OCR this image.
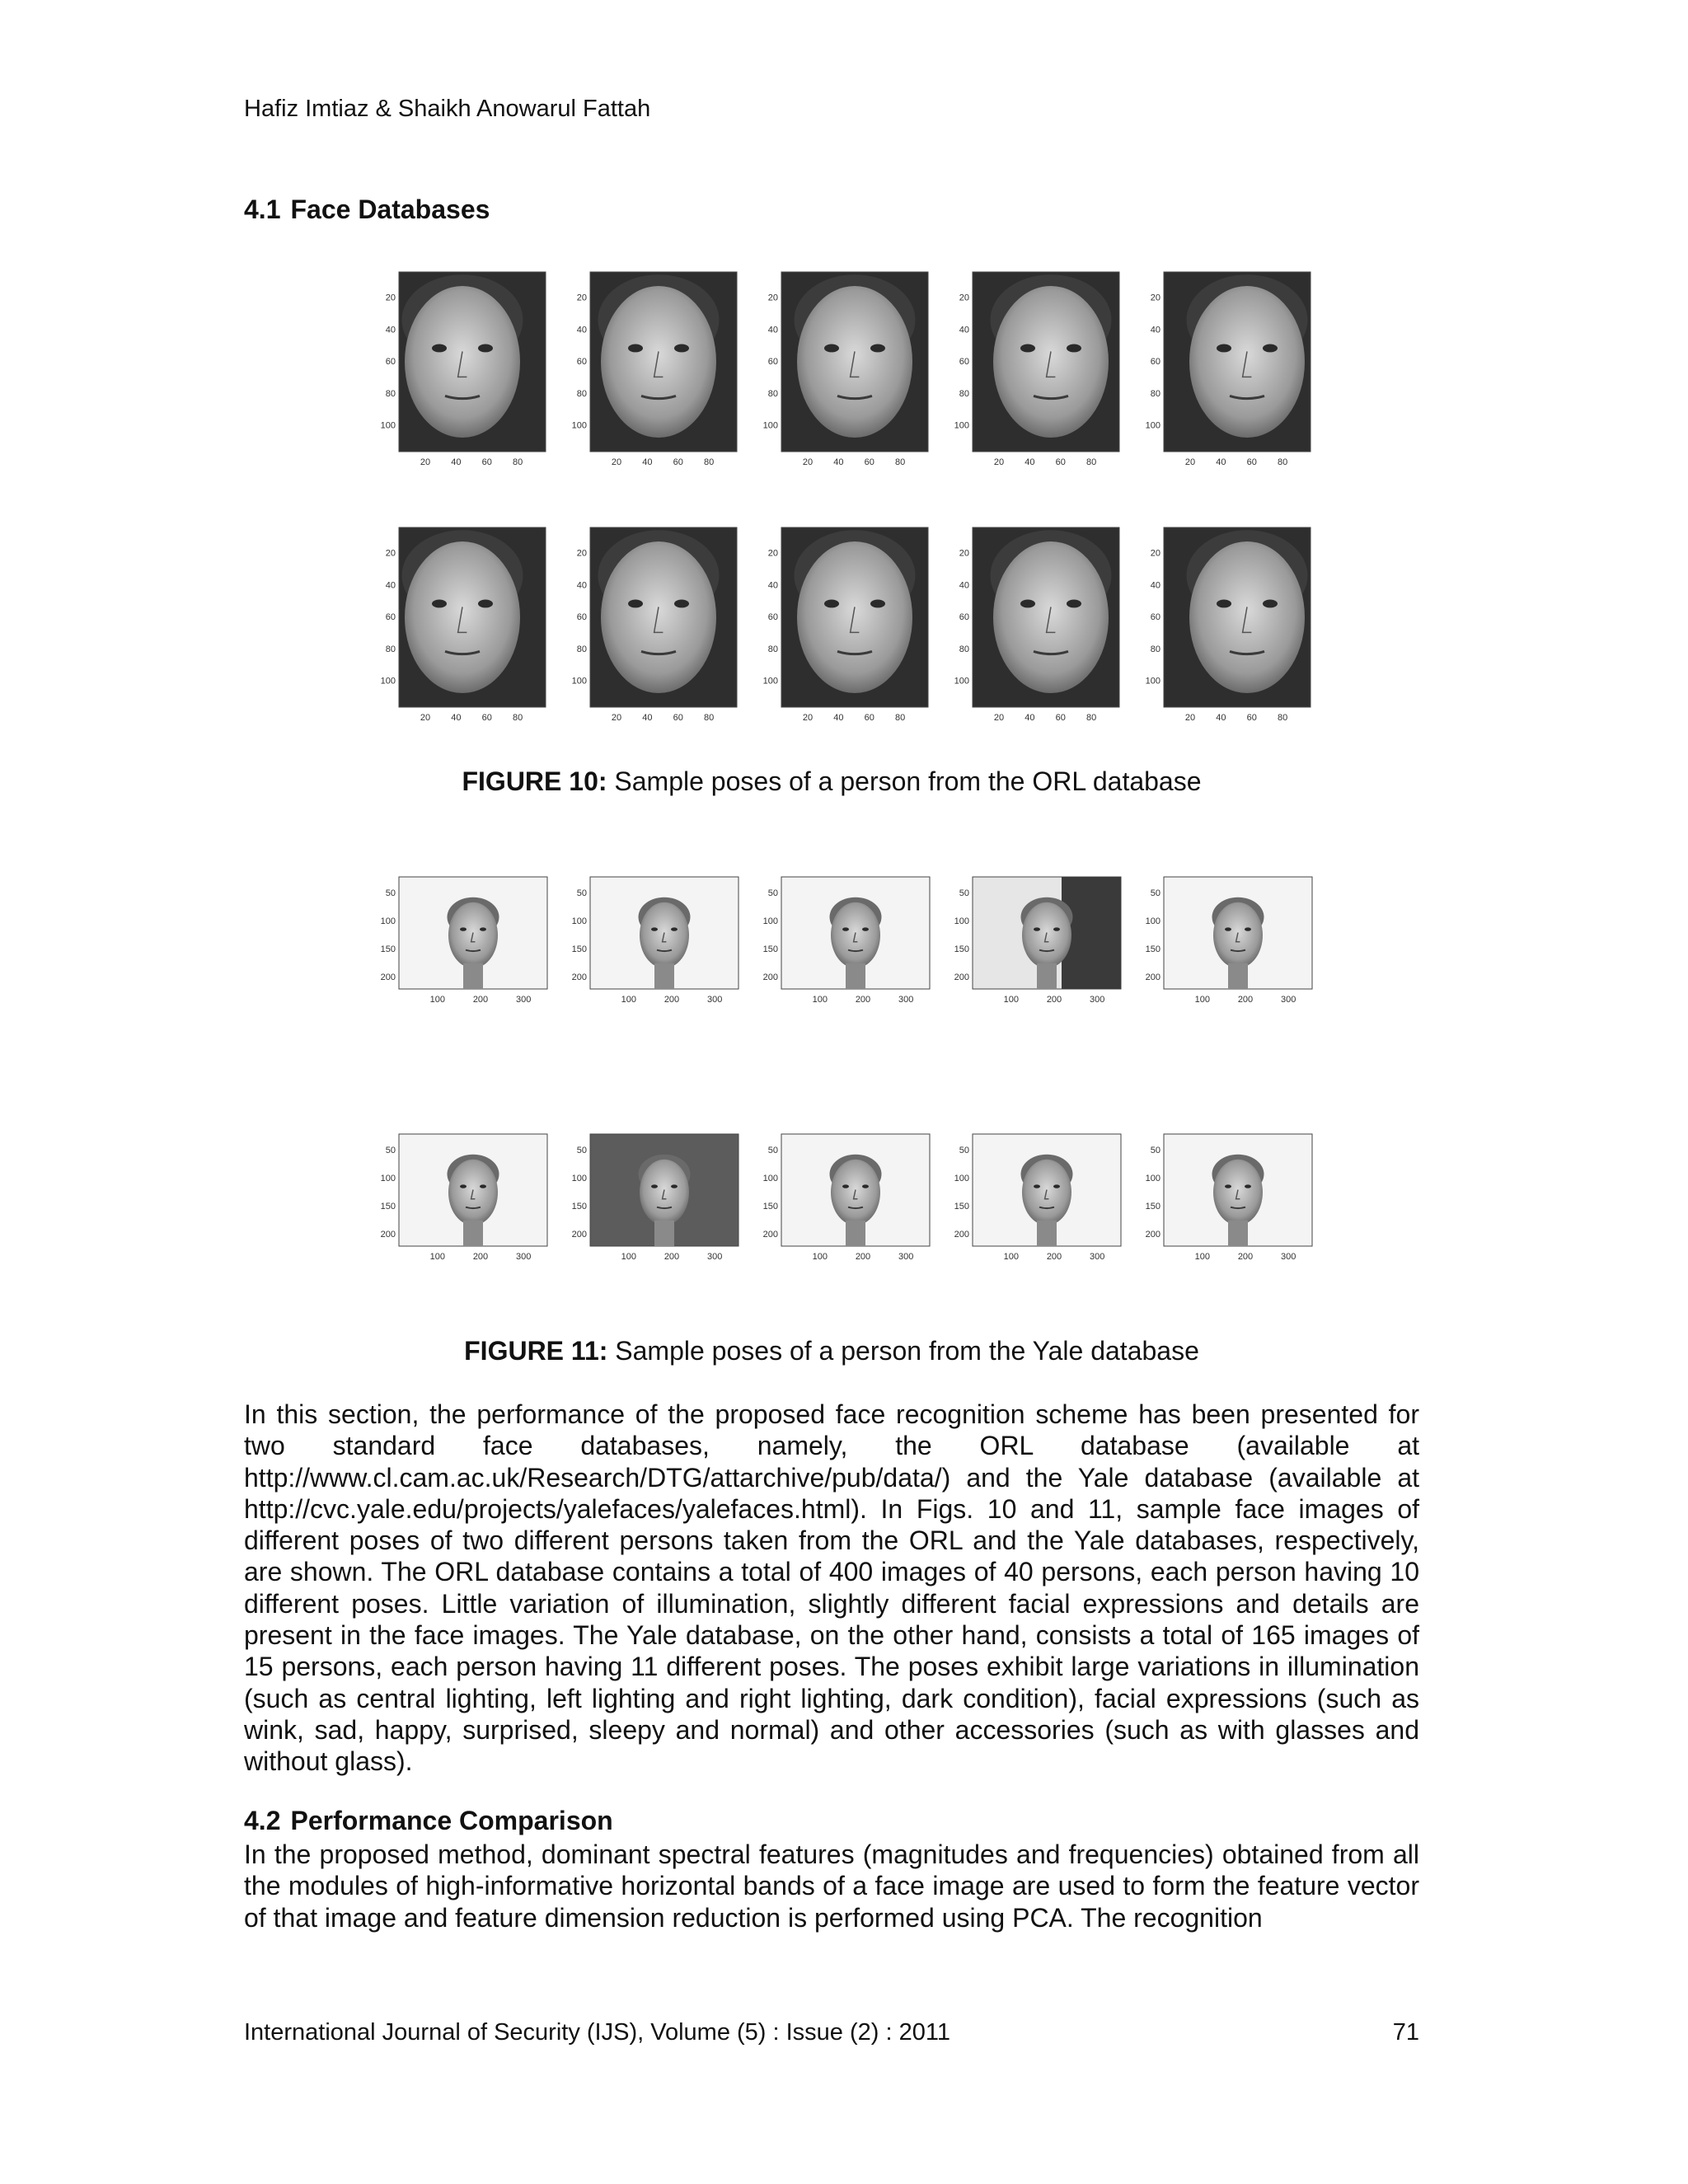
Hafiz Imtiaz & Shaikh Anowarul Fattah
4.1 Face Databases
20
40
60
80
100
20 40 60 80
20
40
60
80
100
20 40 60 80
20
40
60
80
100
20 40 60 80
20
40
60
80
100
20 40 60 80
20
40
60
80
100
20 40 60 80
20
40
60
80
100
20 40 60 80
20
40
60
80
100
20 40 60 80
20
40
60
80
100
20 40 60 80
20
40
60
80
100
20 40 60 80
20
40
60
80
100
20 40 60 80
FIGURE 10: Sample poses of a person from the ORL database
50
100
150
200
100	200	300
50
100
150
200
100	200	300
50
100
150
200
100	200	300
50
100
150
200
100	200	300
50
100
150
200
100	200	300
50
100
150
200
100	200	300
50
100
150
200
100	200	300
50
100
150
200
100	200	300
50
100
150
200
100	200	300
50
100
150
200
100	200	300
FIGURE 11: Sample poses of a person from the Yale database

In this section, the performance of the proposed face recognition scheme has been presented for two standard face databases, namely, the ORL database (available at http://www.cl.cam.ac.uk/Research/DTG/attarchive/pub/data/) and the Yale database (available at http://cvc.yale.edu/projects/yalefaces/yalefaces.html). In Figs. 10 and 11, sample face images of different poses of two different persons taken from the ORL and the Yale databases, respectively, are shown. The ORL database contains a total of 400 images of 40 persons, each person having 10 different poses. Little variation of illumination, slightly different facial expressions and details are present in the face images. The Yale database, on the other hand, consists a total of 165 images of 15 persons, each person having 11 different poses. The poses exhibit large variations in illumination (such as central lighting, left lighting and right lighting, dark condition), facial expressions (such as wink, sad, happy, surprised, sleepy and normal) and other accessories (such as with glasses and without glass).

4.2 Performance Comparison

In the proposed method, dominant spectral features (magnitudes and frequencies) obtained from all the modules of high-informative horizontal bands of a face image are used to form the feature vector of that image and feature dimension reduction is performed using PCA. The recognition

International Journal of Security (IJS), Volume (5) : Issue (2) : 2011	71
